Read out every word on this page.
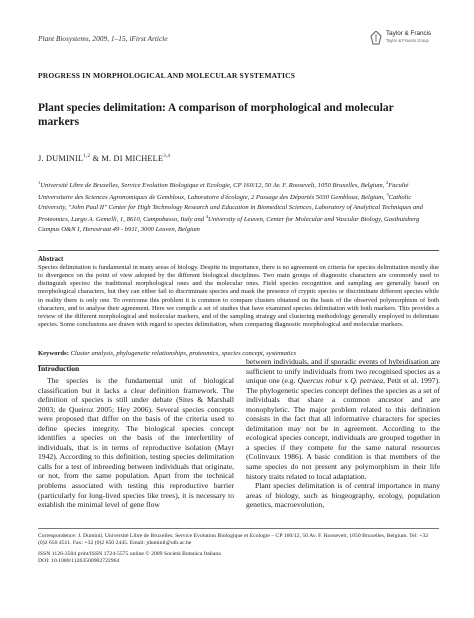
Plant Biosystems, 2009, 1–15, iFirst Article
Taylor & Francis
Taylor & Francis Group
PROGRESS IN MORPHOLOGICAL AND MOLECULAR SYSTEMATICS
Plant species delimitation: A comparison of morphological and molecular markers
J. DUMINIL$^{1,2}$ & M. DI MICHELE$^{3,4}$
$^1$Université Libre de Bruxelles, Service Evolution Biologique et Ecologie, CP 160/12, 50 Av. F. Roosevelt, 1050 Bruxelles, Belgium, $^2$Faculté Universitaire des Sciences Agronomiques de Gembloux, Laboratoire d'écologie, 2 Passage des Déportés 5030 Gembloux, Belgium, $^3$Catholic University, "John Paul II" Center for High Technology Research and Education in Biomedical Sciences, Laboratory of Analytical Techniques and Proteomics, Largo A. Gemelli, 1, 8610, Campobasso, Italy and $^4$University of Leuven, Center for Molecular and Vascular Biology, Gasthuisberg Campus O&N I, Herestraat 49 - b911, 3000 Leuven, Belgium
Abstract
Species delimitation is fundamental in many areas of biology. Despite its importance, there is no agreement on criteria for species delimitation mostly due to divergence on the point of view adopted by the different biological disciplines. Two main groups of diagnostic characters are commonly used to distinguish species: the traditional morphological ones and the molecular ones. Field species recognition and sampling are generally based on morphological characters, but they can either fail to discriminate species and mask the presence of cryptic species or discriminate different species while in reality there is only one. To overcome this problem it is common to compare clusters obtained on the basis of the observed polymorphism of both characters, and to analyse their agreement. Here we compile a set of studies that have examined species delimitation with both markers. This provides a review of the different morphological and molecular markers, and of the sampling strategy and clustering methodology generally employed to delimitate species. Some conclusions are drawn with regard to species delimitation, when comparing diagnostic morphological and molecular markers.
Keywords: Cluster analysis, phylogenetic relationships, proteomics, species concept, systematics
Introduction
The species is the fundamental unit of biological classification but it lacks a clear definition framework. The definition of species is still under debate (Sites & Marshall 2003; de Queiroz 2005; Hey 2006). Several species concepts were proposed that differ on the basis of the criteria used to define species integrity. The biological species concept identifies a species on the basis of the interfertility of individuals, that is in terms of reproductive isolation (Mayr 1942). According to this definition, testing species delimitation calls for a test of inbreeding between individuals that originate, or not, from the same population. Apart from the technical problems associated with testing this reproductive barrier (particularly for long-lived species like trees), it is necessary to establish the minimal level of gene flow
between individuals, and if sporadic events of hybridisation are sufficient to unify individuals from two recognised species as a unique one (e.g. Quercus robur x Q. petraea, Petit et al. 1997). The phylogenetic species concept defines the species as a set of individuals that share a common ancestor and are monophyletic. The major problem related to this definition consists in the fact that all informative characters for species delimitation may not be in agreement. According to the ecological species concept, individuals are grouped together in a species if they compete for the same natural resources (Colinvaux 1986). A basic condition is that members of the same species do not present any polymorphism in their life history traits related to local adaptation.
Plant species delimitation is of central importance in many areas of biology, such as biogeography, ecology, population genetics, macroevolution,
Correspondence: J. Duminil, Université Libre de Bruxelles, Service Evolution Biologique et Ecologie – CP 160/12, 50 Av. F. Roosevelt, 1050 Bruxelles, Belgium. Tel: +32 (0)2 650 4511. Fax: +32 (0)2 650 2445. Email: jduminil@ulb.ac.be
ISSN 1126-3504 print/ISSN 1724-5575 online © 2009 Società Botanica Italiana
DOI: 10.1080/11263500902722964
